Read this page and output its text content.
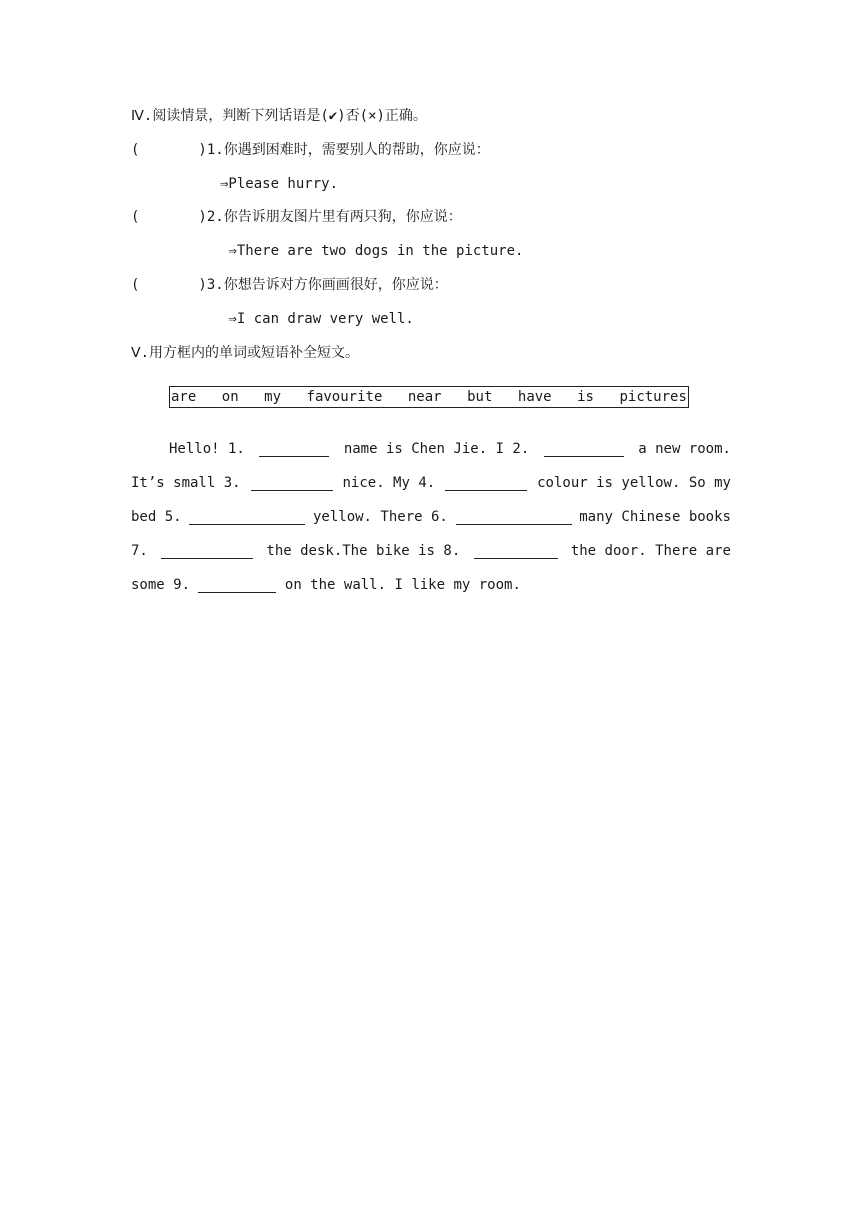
Ⅳ.阅读情景，判断下列话语是(✔)否(×)正确。
(       )1.你遇到困难时，需要别人的帮助，你应说：
⇒Please hurry.
(       )2.你告诉朋友图片里有两只狗，你应说：
⇒There are two dogs in the picture.
(       )3.你想告诉对方你画画很好，你应说：
⇒I can draw very well.
Ⅴ.用方框内的单词或短语补全短文。
are on my favourite near but have is pictures
Hello! 1.	name is Chen Jie. I 2.	a new room.
It’s small 3.	nice. My 4.	colour is yellow. So my
bed 5.	yellow. There 6.	many Chinese books
7.	the desk.The bike is 8.	the door. There are
some 9.

	on the wall. I like my room.
